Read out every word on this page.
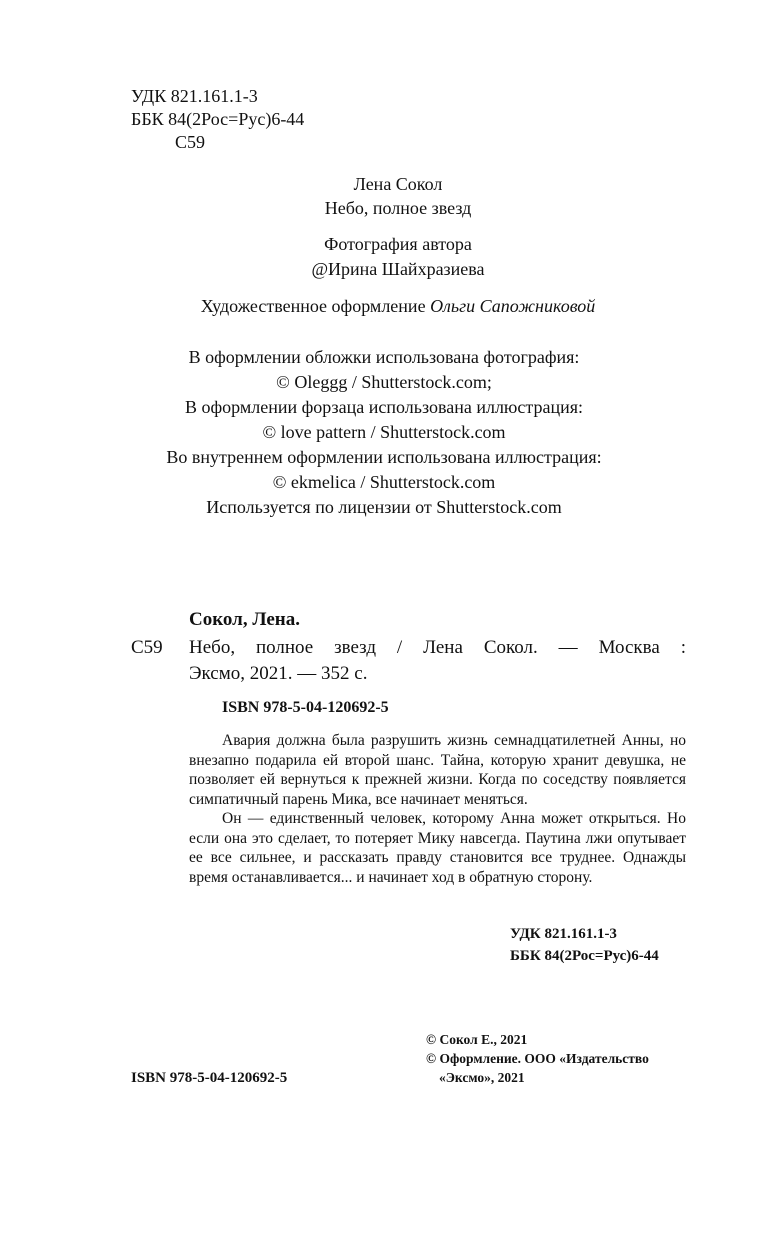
УДК 821.161.1-3
ББК 84(2Рос=Рус)6-44
С59
Лена Сокол
Небо, полное звезд
Фотография автора
@Ирина Шайхразиева
Художественное оформление Ольги Сапожниковой
В оформлении обложки использована фотография:
© Oleggg / Shutterstock.com;
В оформлении форзаца использована иллюстрация:
© love pattern / Shutterstock.com
Во внутреннем оформлении использована иллюстрация:
© ekmelica / Shutterstock.com
Используется по лицензии от Shutterstock.com
Сокол, Лена.
С59 Небо, полное звезд / Лена Сокол. — Москва :
Эксмо, 2021. — 352 с.
ISBN 978-5-04-120692-5

Авария должна была разрушить жизнь семнадцатилетней Анны, но внезапно подарила ей второй шанс. Тайна, которую хранит девушка, не позволяет ей вернуться к прежней жизни. Когда по соседству появляется симпатичный парень Мика, все начинает меняться.

Он — единственный человек, которому Анна может открыться. Но если она это сделает, то потеряет Мику навсегда. Паутина лжи опутывает ее все сильнее, и рассказать правду становится все труднее. Однажды время останавливается... и начинает ход в обратную сторону.

УДК 821.161.1-3
ББК 84(2Рос=Рус)6-44
© Сокол Е., 2021
© Оформление. ООО «Издательство
«Эксмо», 2021
ISBN 978-5-04-120692-5
